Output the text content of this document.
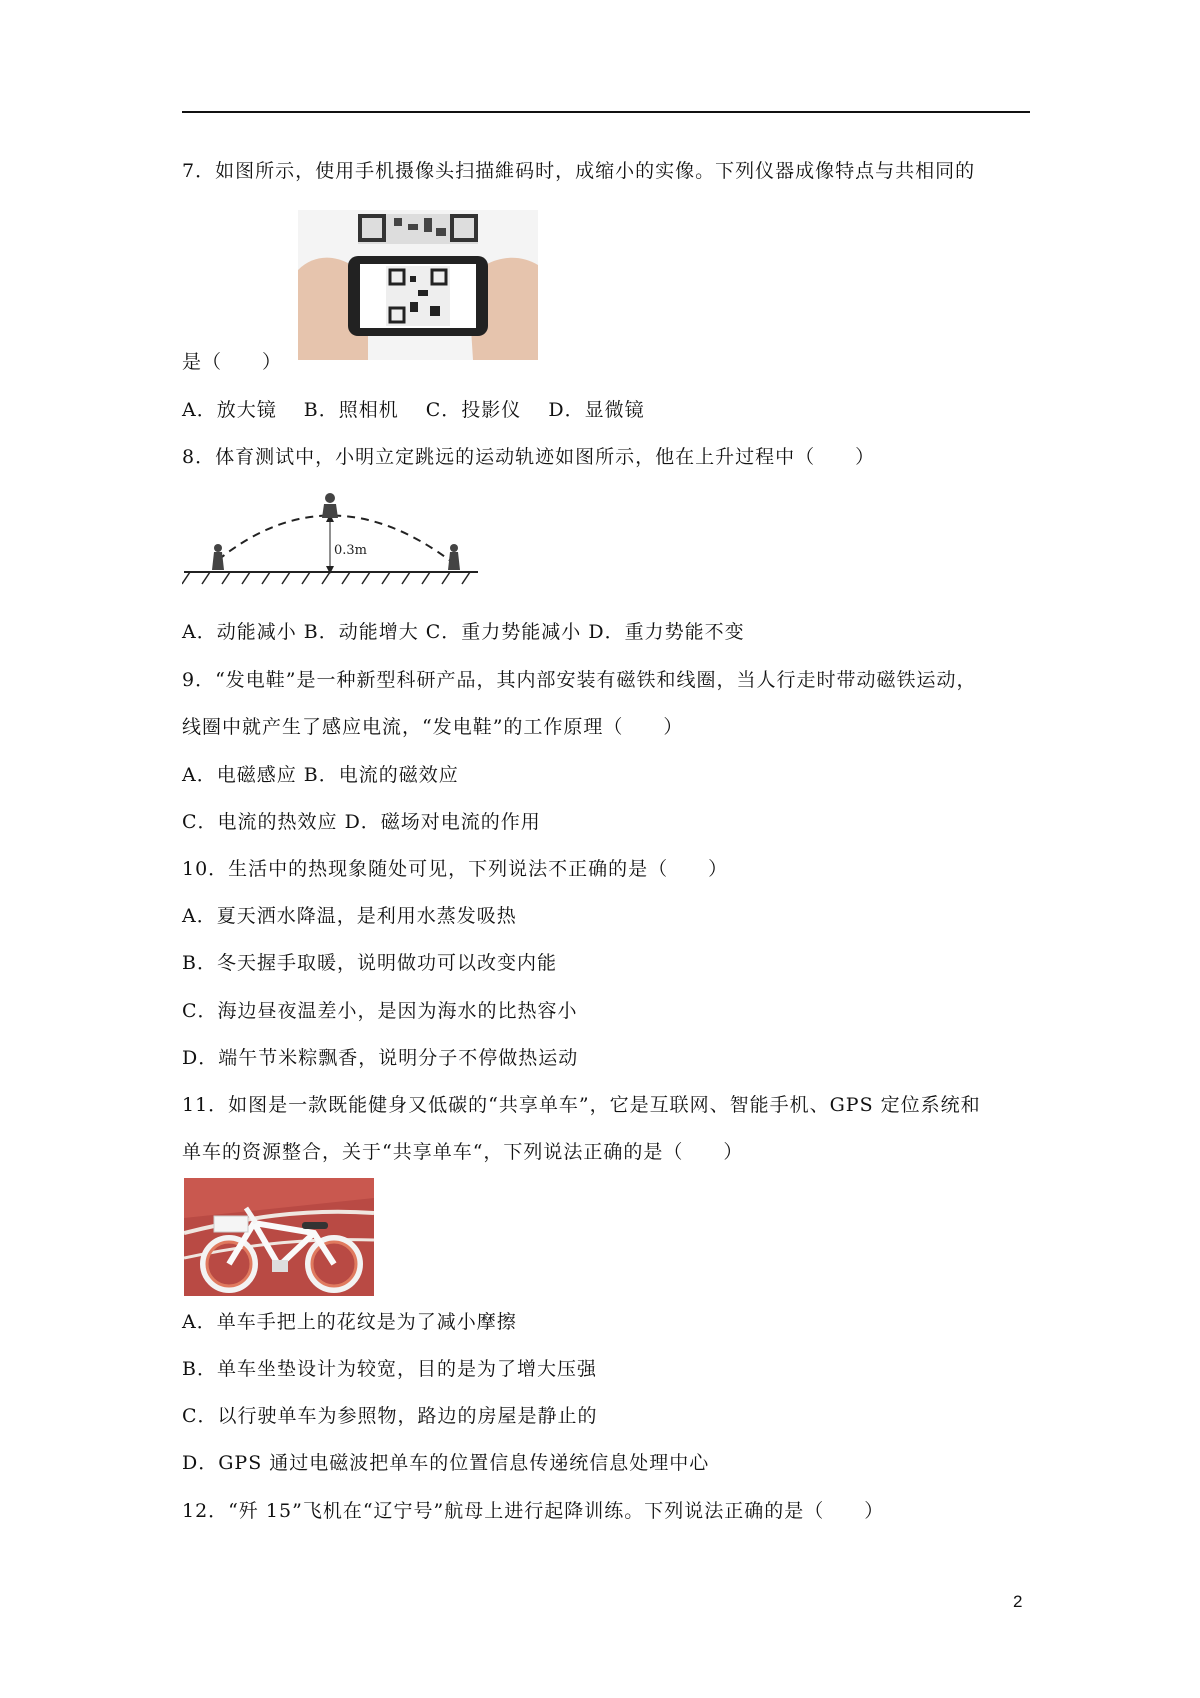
7．如图所示，使用手机摄像头扫描維码时，成缩小的实像。下列仪器成像特点与共相同的
是（　　）
A．放大镜　 B．照相机　 C．投影仪　 D．显微镜
8．体育测试中，小明立定跳远的运动轨迹如图所示，他在上升过程中（　　）
0.3m
A．动能减小 B．动能增大 C．重力势能减小 D．重力势能不变
9．“发电鞋”是一种新型科研产品，其内部安装有磁铁和线圈，当人行走时带动磁铁运动，
线圈中就产生了感应电流，“发电鞋”的工作原理（　　）
A．电磁感应 B．电流的磁效应
C．电流的热效应 D．磁场对电流的作用
10．生活中的热现象随处可见，下列说法不正确的是（　　）
A．夏天洒水降温，是利用水蒸发吸热
B．冬天握手取暖，说明做功可以改变内能
C．海边昼夜温差小，是因为海水的比热容小
D．端午节米粽飘香，说明分子不停做热运动
11．如图是一款既能健身又低碳的“共享单车”，它是互联网、智能手机、GPS 定位系统和
单车的资源整合，关于“共享单车“，下列说法正确的是（　　）
A．单车手把上的花纹是为了减小摩擦
B．单车坐垫设计为较宽，目的是为了增大压强
C．以行驶单车为参照物，路边的房屋是静止的
D．GPS 通过电磁波把单车的位置信息传递统信息处理中心
12．“歼 15”飞机在“辽宁号”航母上进行起降训练。下列说法正确的是（　　）
2
